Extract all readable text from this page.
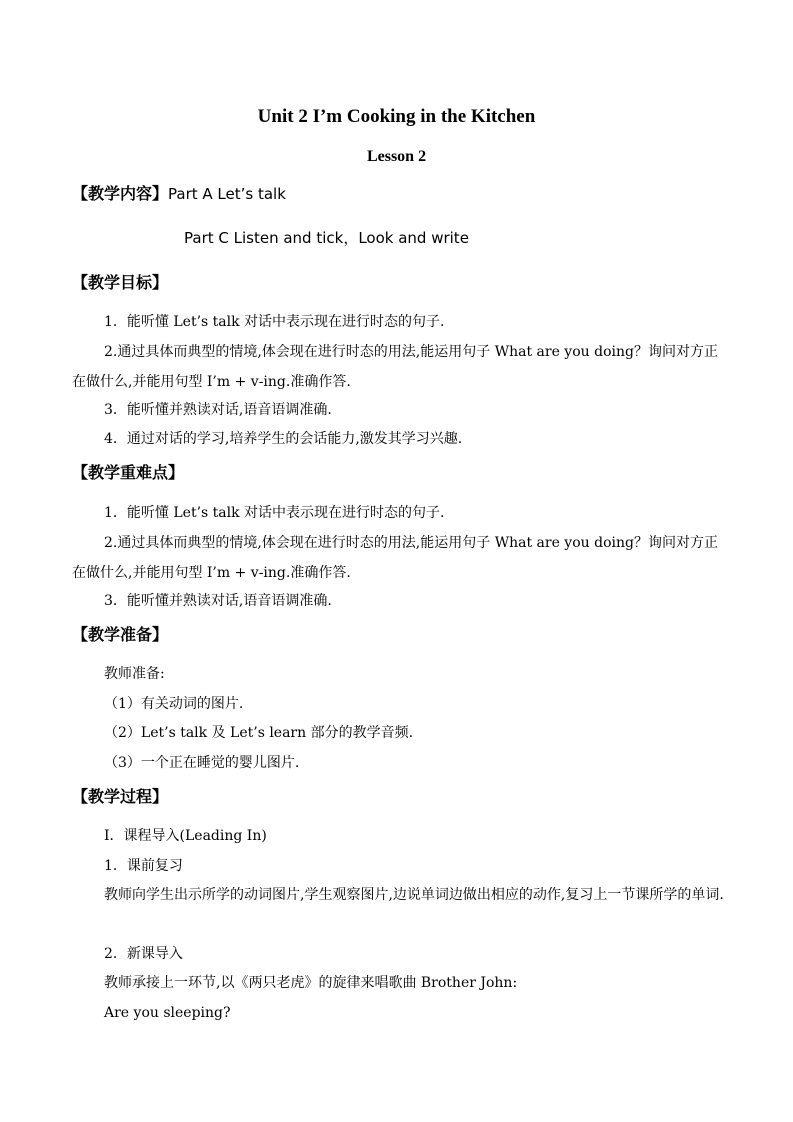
Unit 2 I’m Cooking in the Kitchen
Lesson 2
【教学内容】Part A Let’s talk
Part C Listen and tick，Look and write
【教学目标】
1．能听懂 Let’s talk 对话中表示现在进行时态的句子.
2.通过具体而典型的情境,体会现在进行时态的用法,能运用句子 What are you doing？询问对方正在做什么,并能用句型 I’m + v-ing.准确作答.
3．能听懂并熟读对话,语音语调准确.
4．通过对话的学习,培养学生的会话能力,激发其学习兴趣.
【教学重难点】
1．能听懂 Let’s talk 对话中表示现在进行时态的句子.
2.通过具体而典型的情境,体会现在进行时态的用法,能运用句子 What are you doing？询问对方正在做什么,并能用句型 I’m + v-ing.准确作答.
3．能听懂并熟读对话,语音语调准确.
【教学准备】
教师准备:
（1）有关动词的图片.
（2）Let’s talk 及 Let’s learn 部分的教学音频.
（3）一个正在睡觉的婴儿图片.
【教学过程】
Ⅰ．课程导入(Leading In)
1．课前复习
教师向学生出示所学的动词图片,学生观察图片,边说单词边做出相应的动作,复习上一节课所学的单词.
2．新课导入
教师承接上一环节,以《两只老虎》的旋律来唱歌曲 Brother John:
Are you sleeping?
